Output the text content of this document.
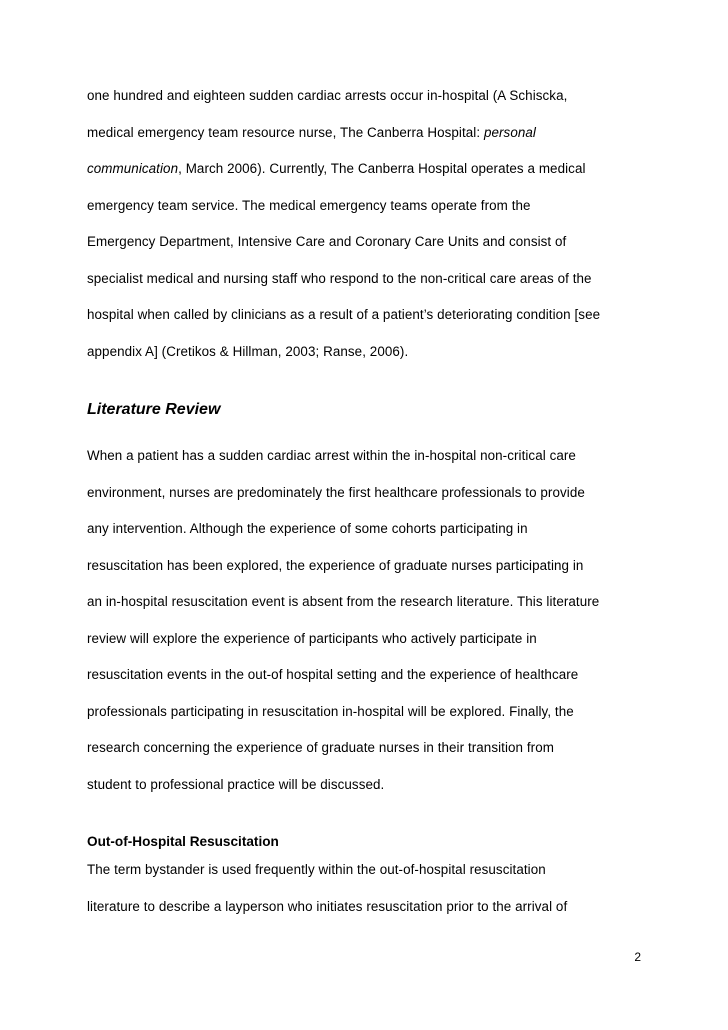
one hundred and eighteen sudden cardiac arrests occur in-hospital (A Schiscka,
medical emergency team resource nurse, The Canberra Hospital: personal
communication, March 2006). Currently, The Canberra Hospital operates a medical
emergency team service. The medical emergency teams operate from the
Emergency Department, Intensive Care and Coronary Care Units and consist of
specialist medical and nursing staff who respond to the non-critical care areas of the
hospital when called by clinicians as a result of a patient’s deteriorating condition [see
appendix A] (Cretikos & Hillman, 2003; Ranse, 2006).
Literature Review
When a patient has a sudden cardiac arrest within the in-hospital non-critical care
environment, nurses are predominately the first healthcare professionals to provide
any intervention. Although the experience of some cohorts participating in
resuscitation has been explored, the experience of graduate nurses participating in
an in-hospital resuscitation event is absent from the research literature. This literature
review will explore the experience of participants who actively participate in
resuscitation events in the out-of hospital setting and the experience of healthcare
professionals participating in resuscitation in-hospital will be explored. Finally, the
research concerning the experience of graduate nurses in their transition from
student to professional practice will be discussed.
Out-of-Hospital Resuscitation
The term bystander is used frequently within the out-of-hospital resuscitation
literature to describe a layperson who initiates resuscitation prior to the arrival of
2
